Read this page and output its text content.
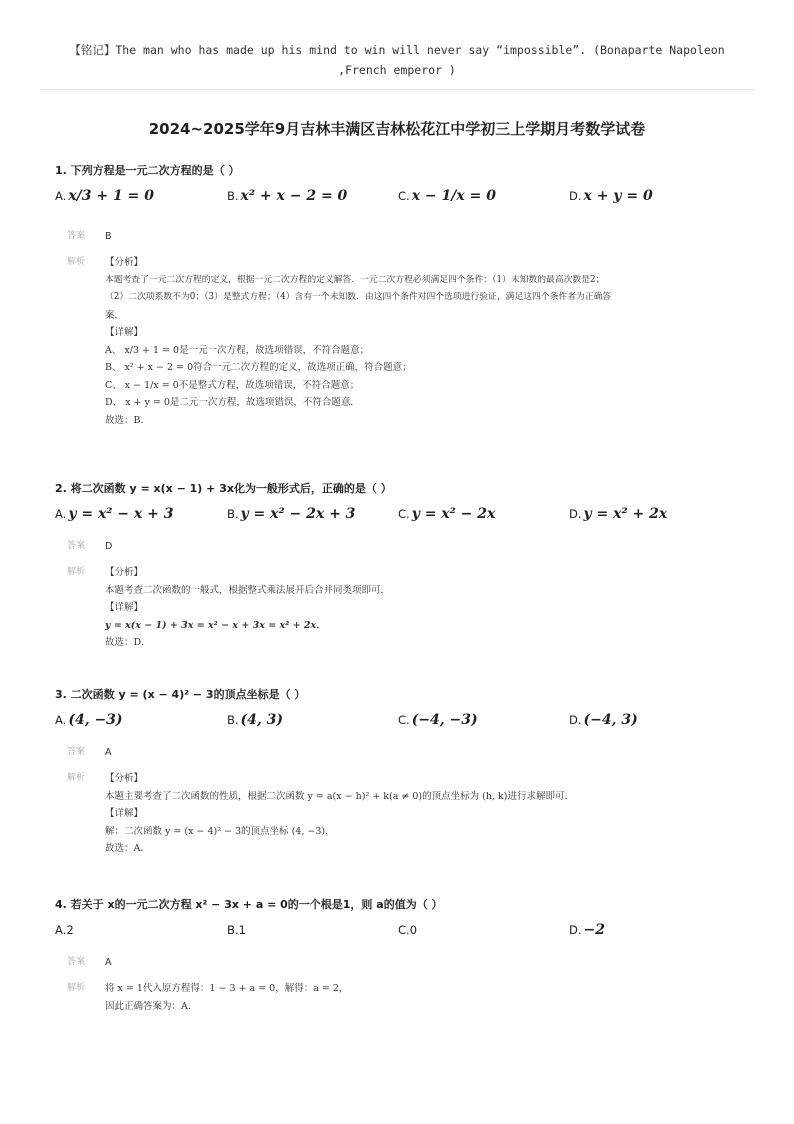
【铭记】The man who has made up his mind to win will never say “impossible”. (Bonaparte Napoleon
,French emperor )
2024~2025学年9月吉林丰满区吉林松花江中学初三上学期月考数学试卷
1. 下列方程是一元二次方程的是（ ）
A. x/3 + 1 = 0	B. x² + x − 2 = 0	C. x − 1/x = 0	D. x + y = 0
答案 B

解析 【分析】
本题考查了一元二次方程的定义，根据一元二次方程的定义解答．一元二次方程必须满足四个条件：（1）未知数的最高次数是2；
（2）二次项系数不为0；（3）是整式方程；（4）含有一个未知数．由这四个条件对四个选项进行验证，满足这四个条件者为正确答
案．
【详解】
A、 x/3 + 1 = 0是一元一次方程，故选项错误，不符合题意；
B、 x² + x − 2 = 0符合一元二次方程的定义，故选项正确，符合题意；
C、 x − 1/x = 0不是整式方程，故选项错误，不符合题意；
D、 x + y = 0是二元一次方程，故选项错误，不符合题意．
故选：B．
2. 将二次函数 y = x(x − 1) + 3x化为一般形式后，正确的是（ ）
A. y = x² − x + 3	B. y = x² − 2x + 3	C. y = x² − 2x	D. y = x² + 2x
答案 D

解析 【分析】
本题考查二次函数的一般式，根据整式乘法展开后合并同类项即可．
【详解】
y = x(x − 1) + 3x = x² − x + 3x = x² + 2x．
故选：D．
3. 二次函数 y = (x − 4)² − 3的顶点坐标是（ ）
A. (4, −3)	B. (4, 3)	C. (−4, −3)	D. (−4, 3)
答案 A

解析 【分析】
本题主要考查了二次函数的性质，根据二次函数 y = a(x − h)² + k(a ≠ 0)的顶点坐标为 (h, k)进行求解即可．
【详解】
解：二次函数 y = (x − 4)² − 3的顶点坐标 (4, −3)，
故选：A．
4. 若关于 x的一元二次方程 x² − 3x + a = 0的一个根是1，则 a的值为（ ）
A.2	B.1	C.0	D. −2
答案 A

解析 将 x = 1代入原方程得：1 − 3 + a = 0，解得：a = 2，
因此正确答案为：A．
